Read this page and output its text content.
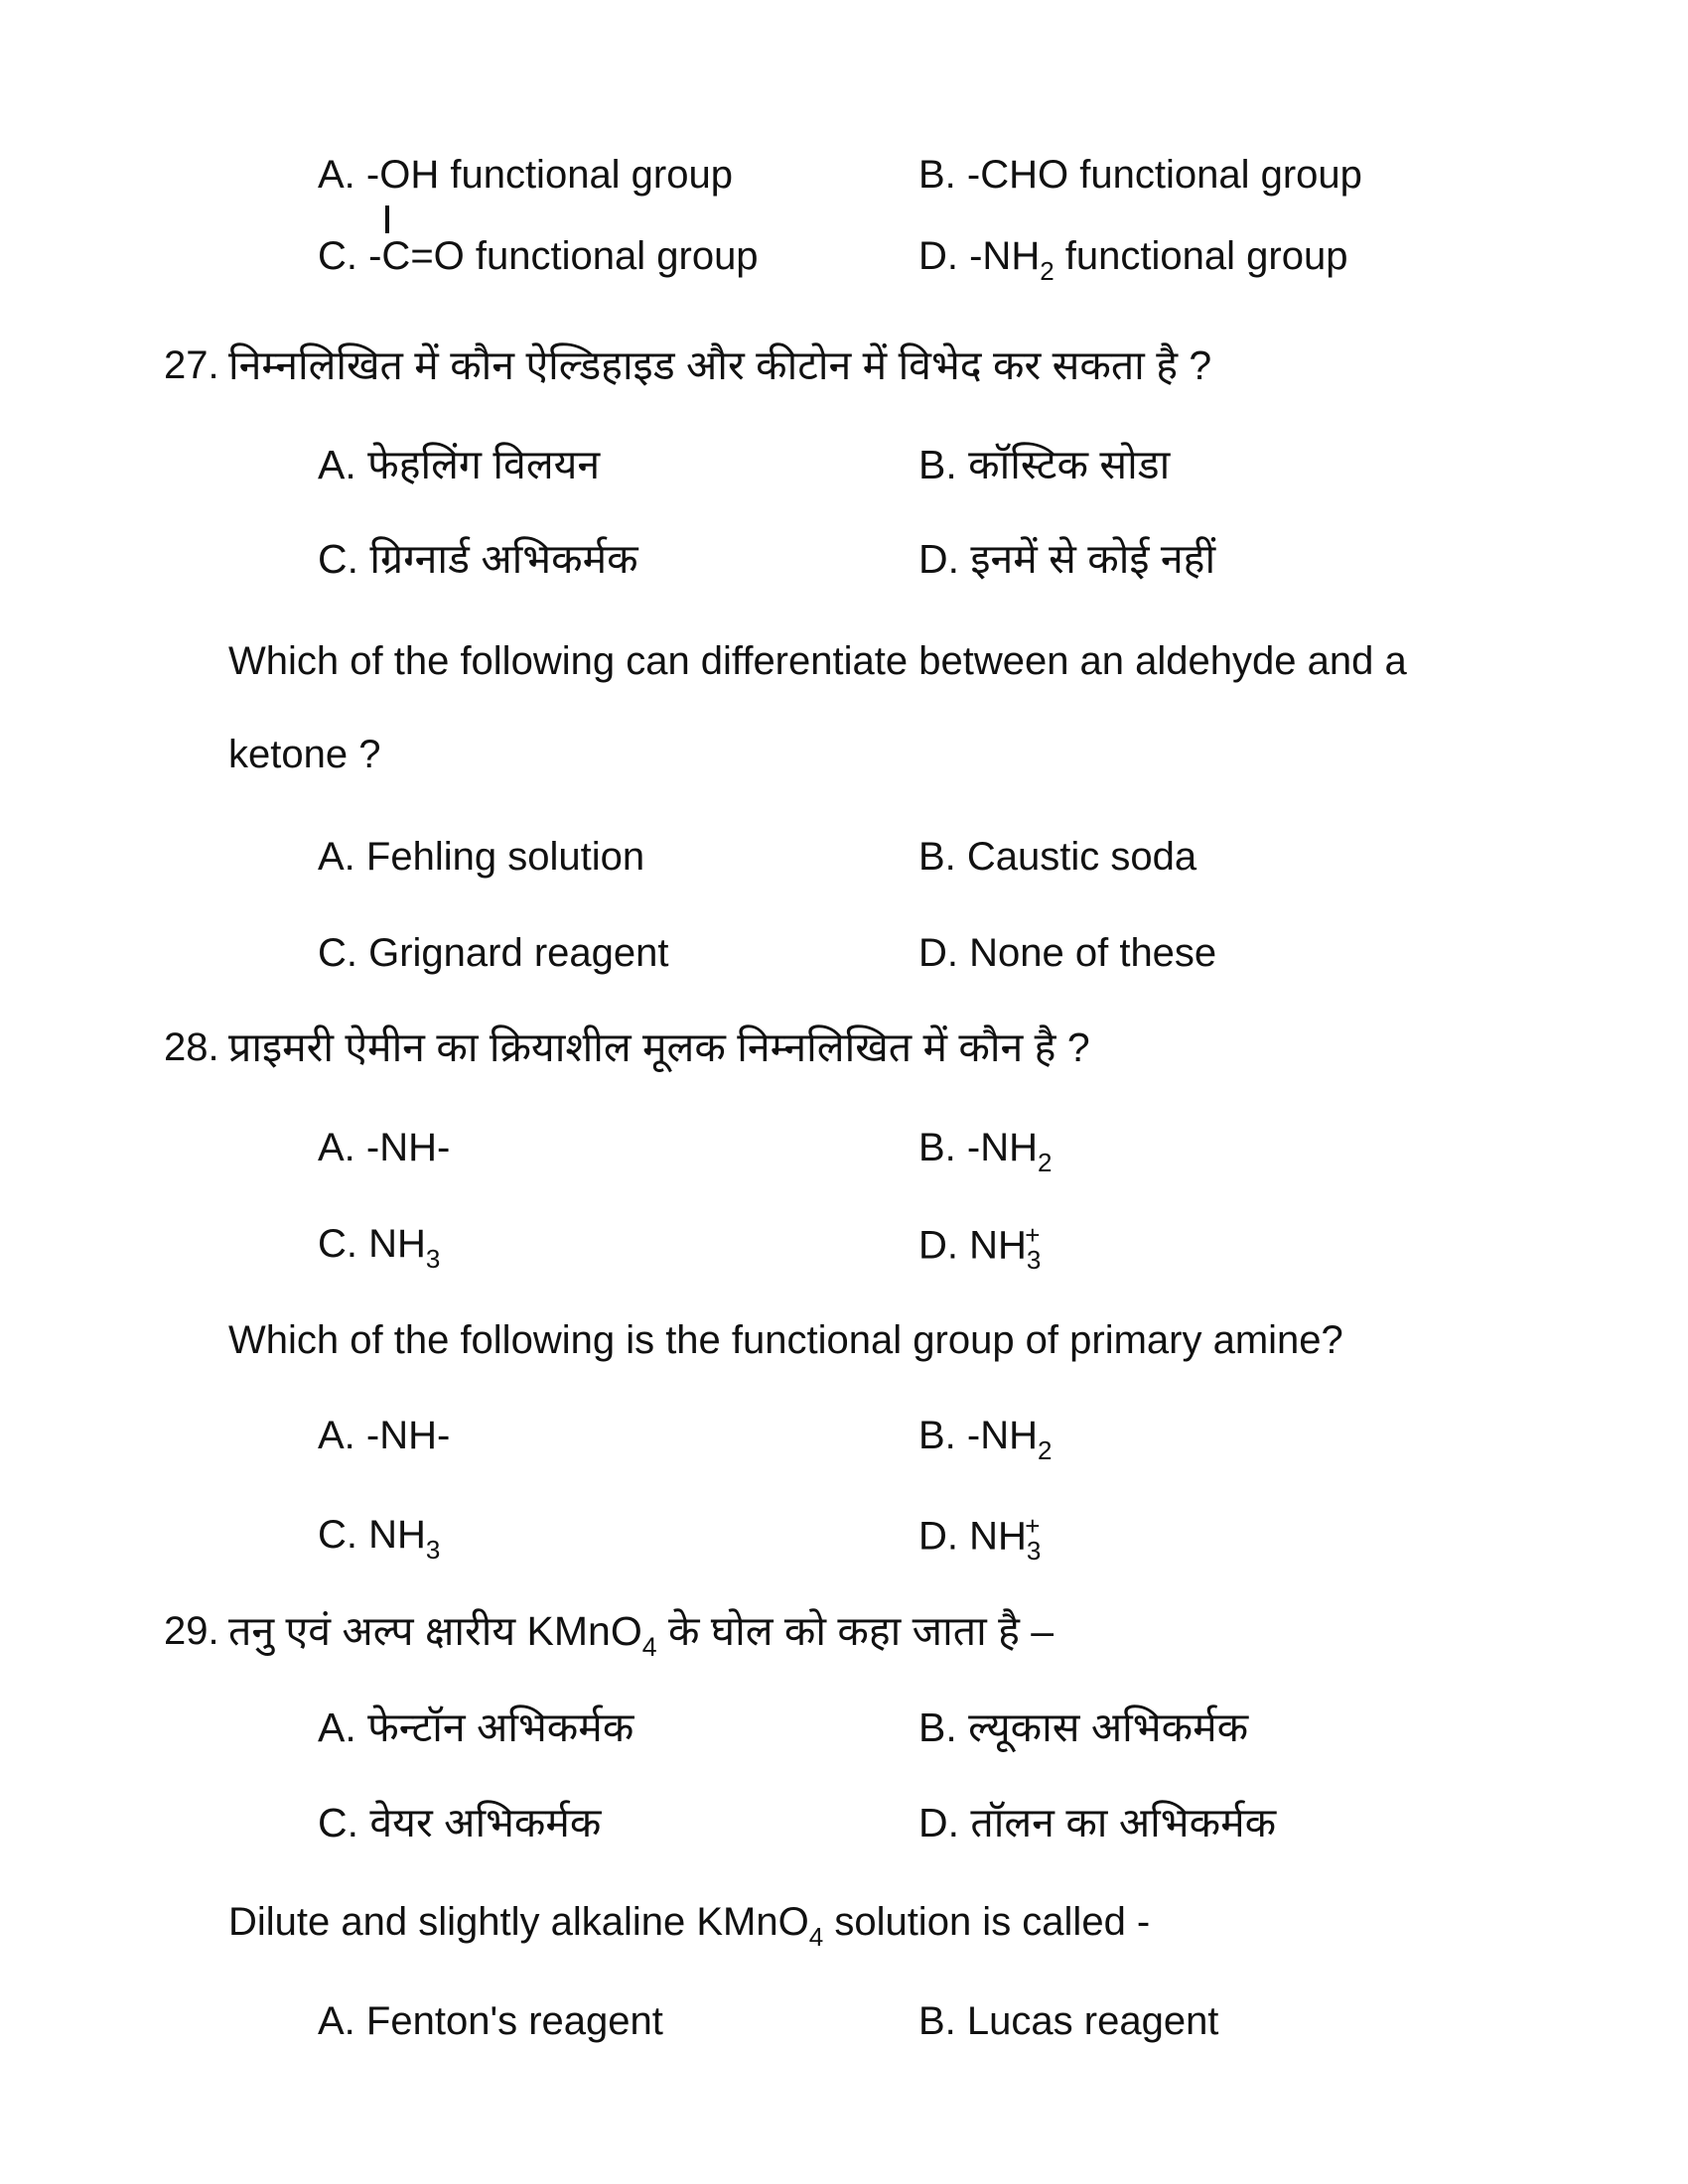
A. -OH functional group	B. -CHO functional group
C. -C=O functional group	D. $-NH_2$ functional group
27. निम्नलिखित में कौन ऐल्डिहाइड और कीटोन में विभेद कर सकता है ?
A. फेहलिंग विलयन	B. कॉस्टिक सोडा
C. ग्रिग्नार्ड अभिकर्मक	D. इनमें से कोई नहीं
Which of the following can differentiate between an aldehyde and a
ketone ?
A. Fehling solution	B. Caustic soda
C. Grignard reagent	D. None of these
28. प्राइमरी ऐमीन का क्रियाशील मूलक निम्नलिखित में कौन है ?
A. -NH-	B. $-NH_2$
C. $NH_3$	D. $NH_3^+$
Which of the following is the functional group of primary amine?
A. -NH-	B. $-NH_2$
C. $NH_3$	D. $NH_3^+$
29. तनु एवं अल्प क्षारीय KMnO$_4$ के घोल को कहा जाता है –
A. फेन्टॉन अभिकर्मक	B. ल्यूकास अभिकर्मक
C. वेयर अभिकर्मक	D. तॉलन का अभिकर्मक
Dilute and slightly alkaline KMnO$_4$ solution is called -
A. Fenton's reagent	B. Lucas reagent
